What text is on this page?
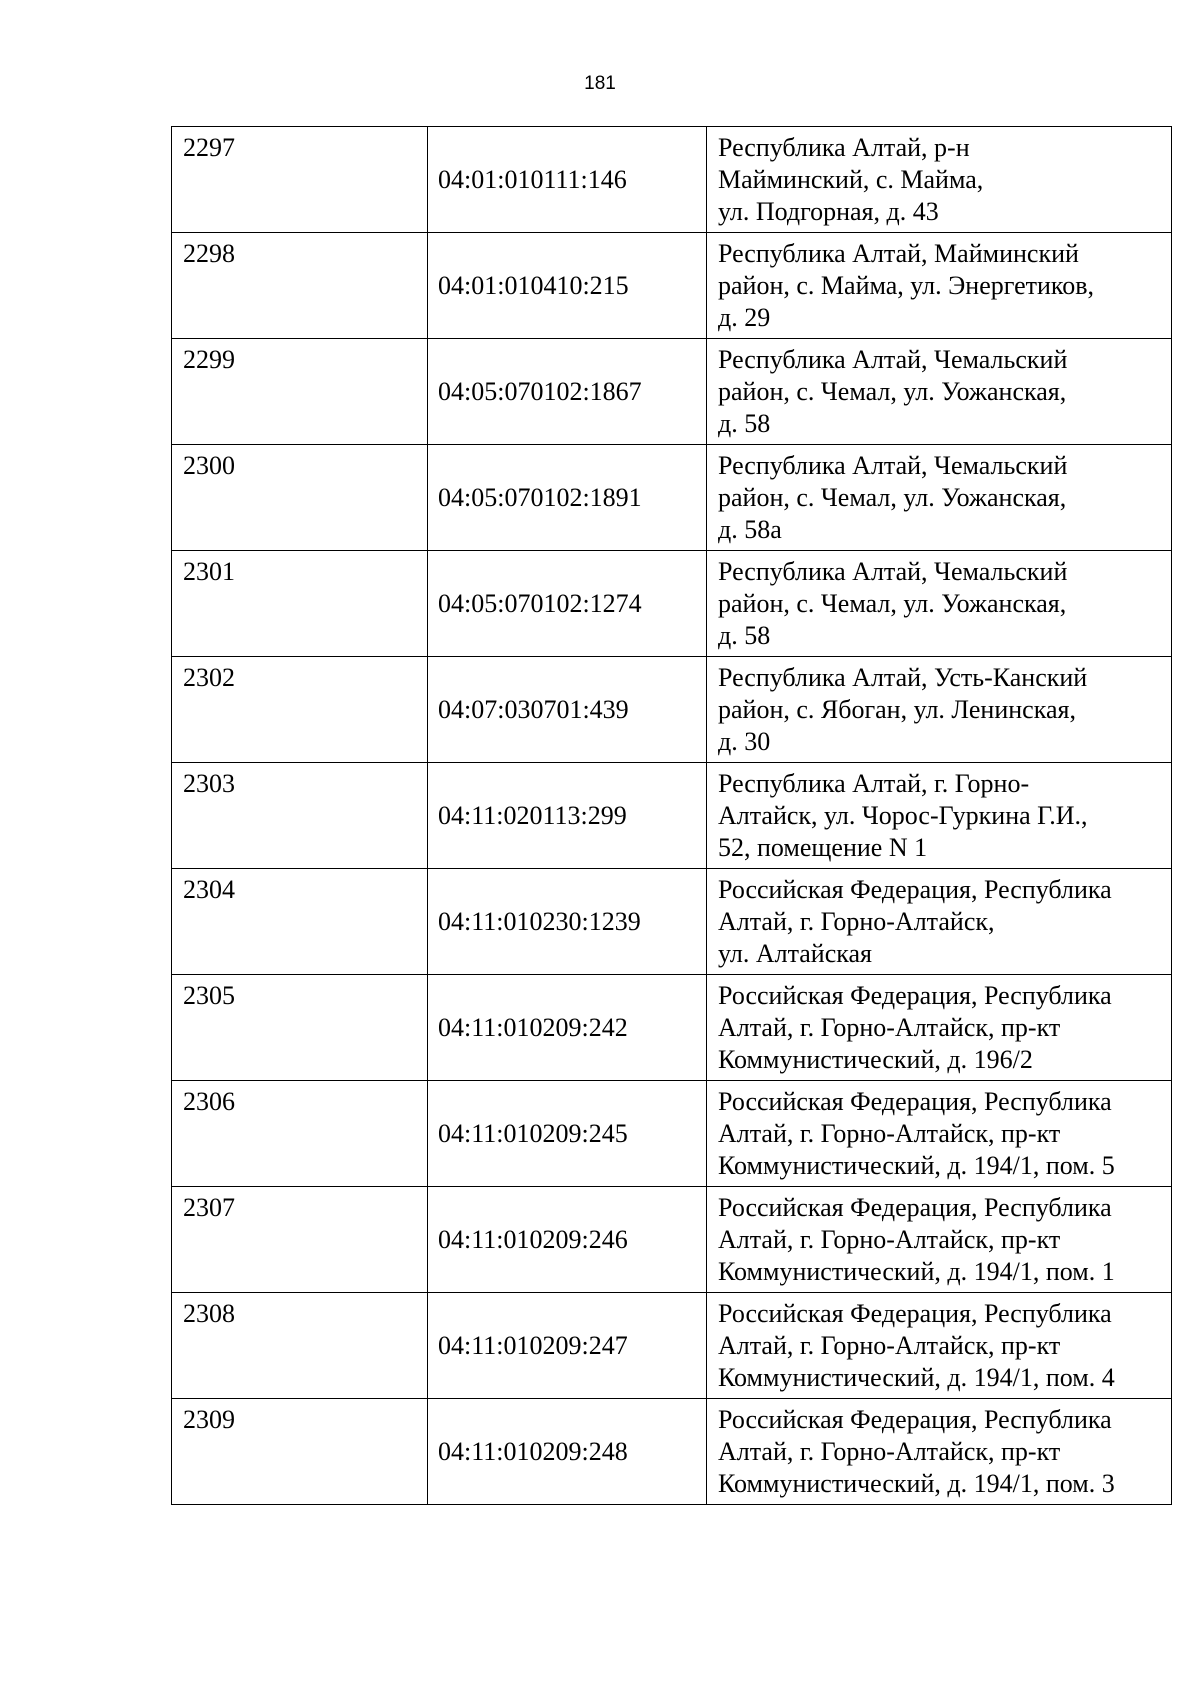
181
2297	04:01:010111:146	Республика Алтай, р-н
Майминский, с. Майма,
ул. Подгорная, д. 43

2298	04:01:010410:215	Республика Алтай, Майминский
район, с. Майма, ул. Энергетиков,
д. 29

2299	04:05:070102:1867	Республика Алтай, Чемальский
район, с. Чемал, ул. Уожанская,
д. 58

2300	04:05:070102:1891	Республика Алтай, Чемальский
район, с. Чемал, ул. Уожанская,
д. 58а

2301	04:05:070102:1274	Республика Алтай, Чемальский
район, с. Чемал, ул. Уожанская,
д. 58

2302	04:07:030701:439	Республика Алтай, Усть-Канский
район, с. Ябоган, ул. Ленинская,
д. 30

2303	04:11:020113:299	Республика Алтай, г. Горно-
Алтайск, ул. Чорос-Гуркина Г.И.,
52, помещение N 1

2304	04:11:010230:1239	Российская Федерация, Республика
Алтай, г. Горно-Алтайск,
ул. Алтайская

2305	04:11:010209:242	Российская Федерация, Республика
Алтай, г. Горно-Алтайск, пр-кт
Коммунистический, д. 196/2

2306	04:11:010209:245	Российская Федерация, Республика
Алтай, г. Горно-Алтайск, пр-кт
Коммунистический, д. 194/1, пом. 5

2307	04:11:010209:246	Российская Федерация, Республика
Алтай, г. Горно-Алтайск, пр-кт
Коммунистический, д. 194/1, пом. 1

2308	04:11:010209:247	Российская Федерация, Республика
Алтай, г. Горно-Алтайск, пр-кт
Коммунистический, д. 194/1, пом. 4

2309	04:11:010209:248	Российская Федерация, Республика
Алтай, г. Горно-Алтайск, пр-кт
Коммунистический, д. 194/1, пом. 3
